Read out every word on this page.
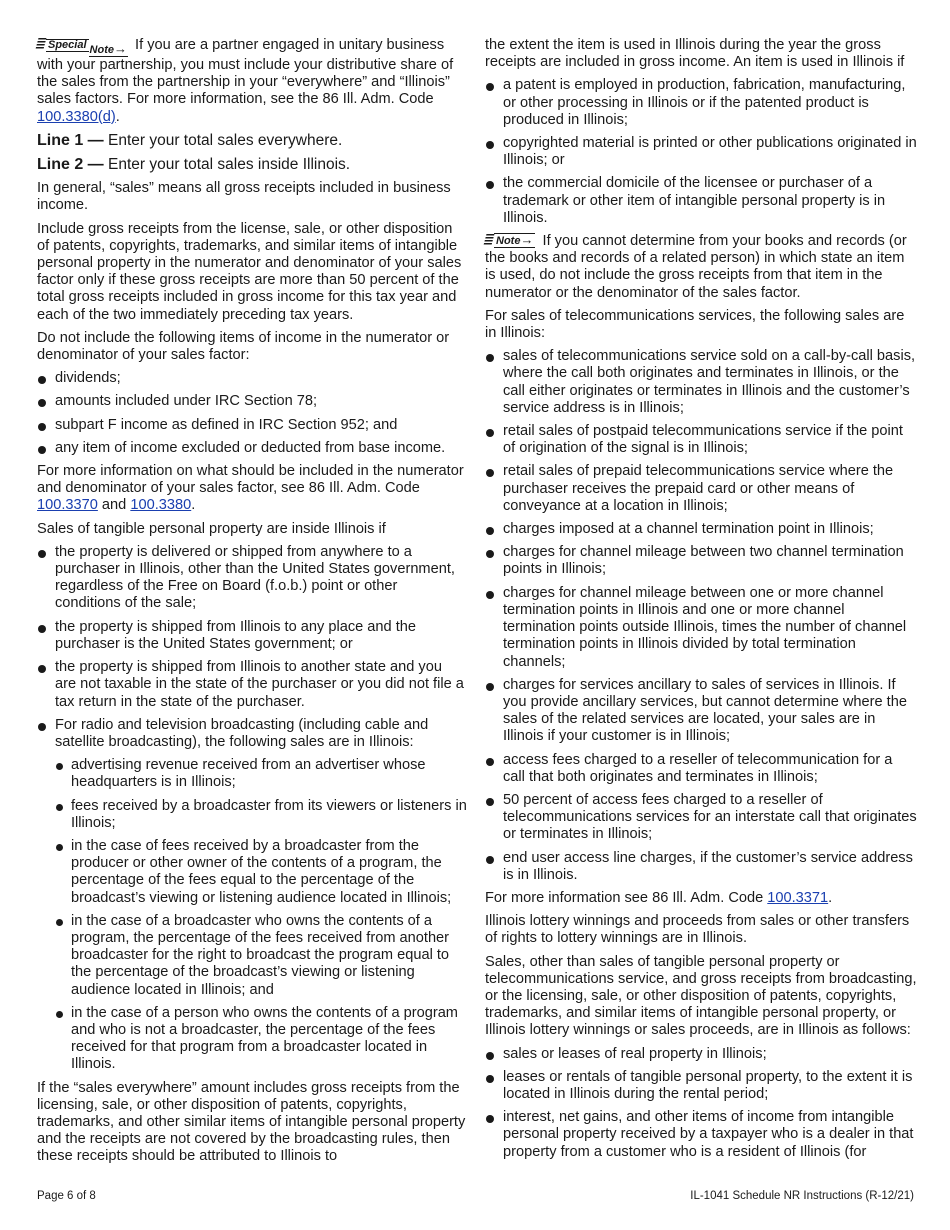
Special Note→ If you are a partner engaged in unitary business with your partnership, you must include your distributive share of the sales from the partnership in your “everywhere” and “Illinois” sales factors. For more information, see the 86 Ill. Adm. Code 100.3380(d).

Line 1 — Enter your total sales everywhere.

Line 2 — Enter your total sales inside Illinois.

In general, “sales” means all gross receipts included in business income.

Include gross receipts from the license, sale, or other disposition of patents, copyrights, trademarks, and similar items of intangible personal property in the numerator and denominator of your sales factor only if these gross receipts are more than 50 percent of the total gross receipts included in gross income for this tax year and each of the two immediately preceding tax years.

Do not include the following items of income in the numerator or denominator of your sales factor:

dividends;
amounts included under IRC Section 78;
subpart F income as defined in IRC Section 952; and
any item of income excluded or deducted from base income.

For more information on what should be included in the numerator and denominator of your sales factor, see 86 Ill. Adm. Code 100.3370 and 100.3380.

Sales of tangible personal property are inside Illinois if

the property is delivered or shipped from anywhere to a purchaser in Illinois, other than the United States government, regardless of the Free on Board (f.o.b.) point or other conditions of the sale;
the property is shipped from Illinois to any place and the purchaser is the United States government; or
the property is shipped from Illinois to another state and you are not taxable in the state of the purchaser or you did not file a tax return in the state of the purchaser.
For radio and television broadcasting (including cable and satellite broadcasting), the following sales are in Illinois:
advertising revenue received from an advertiser whose headquarters is in Illinois;
fees received by a broadcaster from its viewers or listeners in Illinois;
in the case of fees received by a broadcaster from the producer or other owner of the contents of a program, the percentage of the fees equal to the percentage of the broadcast’s viewing or listening audience located in Illinois;
in the case of a broadcaster who owns the contents of a program, the percentage of the fees received from another broadcaster for the right to broadcast the program equal to the percentage of the broadcast’s viewing or listening audience located in Illinois; and
in the case of a person who owns the contents of a program and who is not a broadcaster, the percentage of the fees received for that program from a broadcaster located in Illinois.

If the “sales everywhere” amount includes gross receipts from the licensing, sale, or other disposition of patents, copyrights, trademarks, and other similar items of intangible personal property and the receipts are not covered by the broadcasting rules, then these receipts should be attributed to Illinois to

the extent the item is used in Illinois during the year the gross receipts are included in gross income. An item is used in Illinois if

a patent is employed in production, fabrication, manufacturing, or other processing in Illinois or if the patented product is produced in Illinois;
copyrighted material is printed or other publications originated in Illinois; or
the commercial domicile of the licensee or purchaser of a trademark or other item of intangible personal property is in Illinois.

Note→ If you cannot determine from your books and records (or the books and records of a related person) in which state an item is used, do not include the gross receipts from that item in the numerator or the denominator of the sales factor.

For sales of telecommunications services, the following sales are in Illinois:

sales of telecommunications service sold on a call-by-call basis, where the call both originates and terminates in Illinois, or the call either originates or terminates in Illinois and the customer’s service address is in Illinois;
retail sales of postpaid telecommunications service if the point of origination of the signal is in Illinois;
retail sales of prepaid telecommunications service where the purchaser receives the prepaid card or other means of conveyance at a location in Illinois;
charges imposed at a channel termination point in Illinois;
charges for channel mileage between two channel termination points in Illinois;
charges for channel mileage between one or more channel termination points in Illinois and one or more channel termination points outside Illinois, times the number of channel termination points in Illinois divided by total termination channels;
charges for services ancillary to sales of services in Illinois. If you provide ancillary services, but cannot determine where the sales of the related services are located, your sales are in Illinois if your customer is in Illinois;
access fees charged to a reseller of telecommunication for a call that both originates and terminates in Illinois;
50 percent of access fees charged to a reseller of telecommunications services for an interstate call that originates or terminates in Illinois;
end user access line charges, if the customer’s service address is in Illinois.

For more information see 86 Ill. Adm. Code 100.3371.

Illinois lottery winnings and proceeds from sales or other transfers of rights to lottery winnings are in Illinois.

Sales, other than sales of tangible personal property or telecommunications service, and gross receipts from broadcasting, or the licensing, sale, or other disposition of patents, copyrights, trademarks, and similar items of intangible personal property, or Illinois lottery winnings or sales proceeds, are in Illinois as follows:

sales or leases of real property in Illinois;
leases or rentals of tangible personal property, to the extent it is located in Illinois during the rental period;
interest, net gains, and other items of income from intangible personal property received by a taxpayer who is a dealer in that property from a customer who is a resident of Illinois (for
Page 6 of 8	IL-1041 Schedule NR Instructions (R-12/21)
